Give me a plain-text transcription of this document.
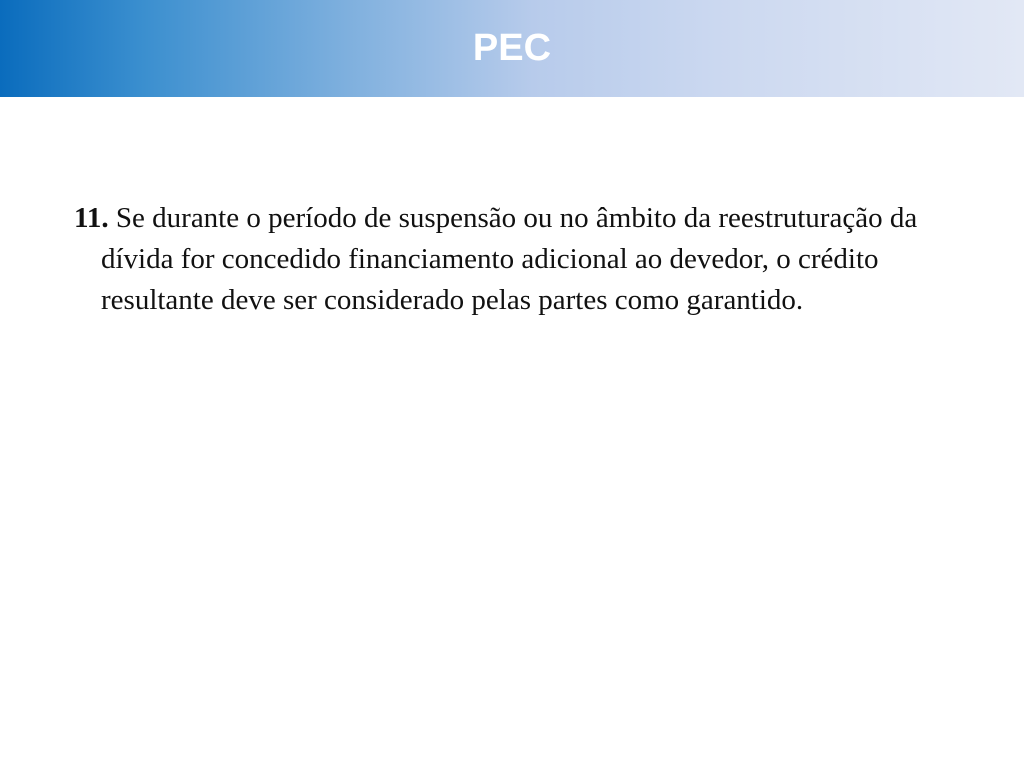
PEC

11. Se durante o período de suspensão ou no âmbito da reestruturação da dívida for concedido financiamento adicional ao devedor, o crédito resultante deve ser considerado pelas partes como garantido.
